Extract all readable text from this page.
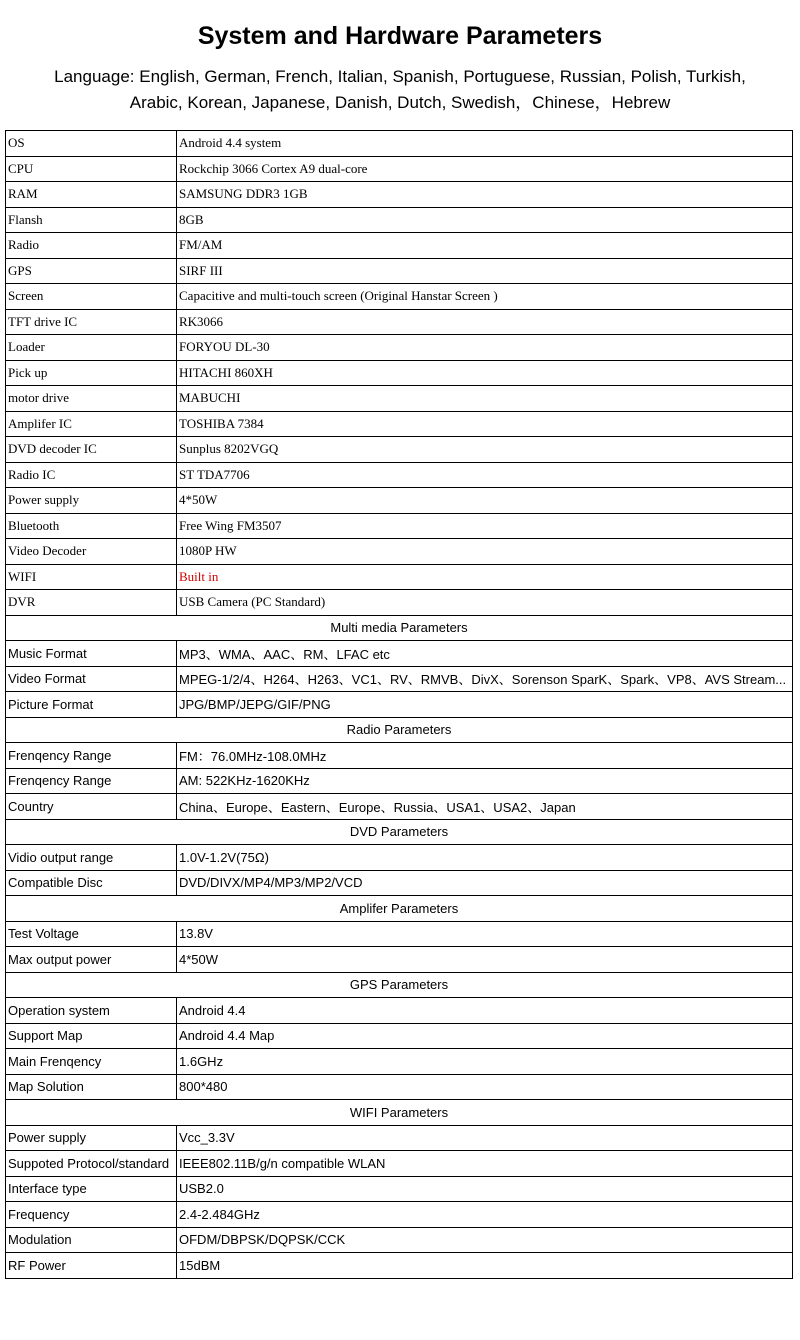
System and Hardware Parameters
Language: English, German, French, Italian, Spanish, Portuguese, Russian, Polish, Turkish,
Arabic, Korean, Japanese, Danish, Dutch, Swedish，Chinese，Hebrew
OS	Android 4.4 system
CPU	Rockchip 3066 Cortex A9 dual-core
RAM	SAMSUNG DDR3 1GB
Flansh	8GB
Radio	FM/AM
GPS	SIRF III
Screen	Capacitive and multi-touch screen (Original Hanstar Screen )
TFT drive IC	RK3066
Loader	FORYOU DL-30
Pick up	HITACHI 860XH
motor drive	MABUCHI
Amplifer IC	TOSHIBA 7384
DVD decoder IC	Sunplus 8202VGQ
Radio IC	ST TDA7706
Power supply	4*50W
Bluetooth	Free Wing FM3507
Video Decoder	1080P HW
WIFI	Built in
DVR	USB Camera (PC Standard)
Multi media Parameters	
Music Format	MP3、WMA、AAC、RM、LFAC etc
Video Format	MPEG-1/2/4、H264、H263、VC1、RV、RMVB、DivX、Sorenson SparK、Spark、VP8、AVS Stream...
Picture Format	JPG/BMP/JEPG/GIF/PNG
Radio Parameters	
Frenqency Range	FM：76.0MHz-108.0MHz
Frenqency Range	AM: 522KHz-1620KHz
Country	China、Europe、Eastern、Europe、Russia、USA1、USA2、Japan
DVD Parameters	
Vidio output range	1.0V-1.2V(75Ω)
Compatible Disc	DVD/DIVX/MP4/MP3/MP2/VCD
Amplifer Parameters	
Test Voltage	13.8V
Max output power	4*50W
GPS Parameters	
Operation system	Android 4.4
Support Map	Android 4.4 Map
Main Frenqency	1.6GHz
Map Solution	800*480
WIFI Parameters	
Power supply	Vcc_3.3V
Suppoted Protocol/standard	IEEE802.11B/g/n compatible WLAN
Interface type	USB2.0
Frequency	2.4-2.484GHz
Modulation	OFDM/DBPSK/DQPSK/CCK
RF Power	15dBM
